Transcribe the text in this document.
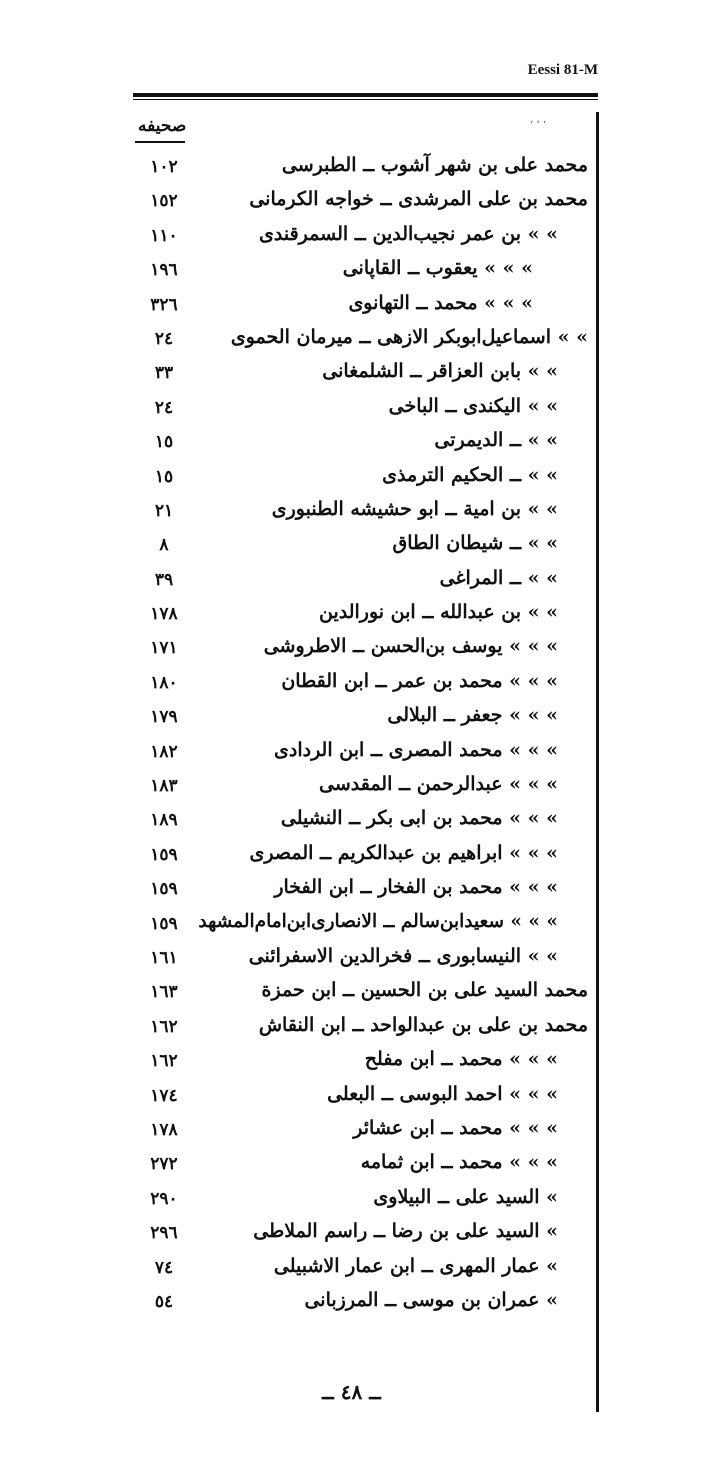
Eessi 81-M
، ، ،
صحيفه
محمد علی بن شهر آشوب ــ الطبرسی
١٠٢
محمد بن علی المرشدی ــ خواجه الکرمانی
١٥٢
» » بن عمر نجیب‌الدین ــ السمرقندی
١١٠
» » » یعقوب ــ القاپانی
١٩٦
» » » محمد ــ التهانوی
٣٢٦
» » اسماعیل‌ابوبکر الازهی ــ میرمان الحموی
٢٤
» » بابن العزاقر ــ الشلمغانی
٣٣
» » الیکندی ــ الباخی
٢٤
» » ــ الدیمرتی
١٥
» » ــ الحکیم الترمذی
١٥
» » بن امیة ــ ابو حشیشه الطنبوری
٢١
» » ــ شیطان الطاق
٨
» » ــ المراغی
٣٩
» » بن عبدالله ــ ابن نورالدین
١٧٨
» » » یوسف بن‌الحسن ــ الاطروشی
١٧١
» » » محمد بن عمر ــ ابن القطان
١٨٠
» » » جعفر ــ البلالی
١٧٩
» » » محمد المصری ــ ابن الردادی
١٨٢
» » » عبدالرحمن ــ المقدسی
١٨٣
» » » محمد بن ابی بکر ــ النشیلی
١٨٩
» » » ابراهیم بن عبدالکریم ــ المصری
١٥٩
» » » محمد بن الفخار ــ ابن الفخار
١٥٩
» » » سعیدابن‌سالم ــ الانصاری‌ابن‌امام‌المشهد
١٥٩
» » النیسابوری ــ فخرالدین الاسفرائنی
١٦١
محمد السید علی بن الحسین ــ ابن حمزة
١٦٣
محمد بن علی بن عبدالواحد ــ ابن النقاش
١٦٢
» » » محمد ــ ابن مفلح
١٦٢
» » » احمد البوسی ــ البعلی
١٧٤
» » » محمد ــ ابن عشائر
١٧٨
» » » محمد ــ ابن ثمامه
٢٧٢
» السید علی ــ البیلاوی
٢٩٠
» السید علی بن رضا ــ راسم الملاطی
٢٩٦
» عمار المهری ــ ابن عمار الاشبیلی
٧٤
» عمران بن موسی ــ المرزبانی
٥٤
ــ ٤٨ ــ
